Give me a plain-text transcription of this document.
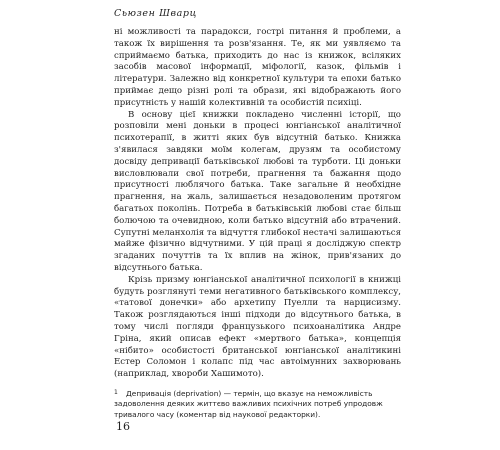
Сьюзен Шварц

ні можливості та парадокси, гострі питання й проблеми, а також їх вирішення та розв'язання. Те, як ми уявляємо та сприймаємо батька, приходить до нас із книжок, всіляких засобів масової інформації, міфології, казок, фільмів і літератури. Залежно від конкретної культури та епохи батько приймає дещо різні ролі та образи, які відображають його присутність у нашій колективній та особистій психіці.

В основу цієї книжки покладено численні історії, що розповіли мені доньки в процесі юнгіанської аналітичної психотерапії, в житті яких був відсутній батько. Книжка з'явилася завдяки моїм колегам, друзям та особистому досвіду депривації батьківської любові та турботи. Ці доньки висловлювали свої потреби, прагнення та бажання щодо присутності люблячого батька. Таке загальне й необхідне прагнення, на жаль, залишається незадоволеним протягом багатьох поколінь. Потреба в батьківській любові стає більш болючою та очевидною, коли батько відсутній або втрачений. Супутні меланхолія та відчуття глибокої нестачі залишаються майже фізично відчутними. У цій праці я досліджую спектр згаданих почуттів та їх вплив на жінок, прив'язаних до відсутнього батька.

Крізь призму юнгіанської аналітичної психології в книжці будуть розглянуті теми негативного батьківського комплексу, «татової донечки» або архетипу Пуелли та нарцисизму. Також розглядаються інші підходи до відсутнього батька, в тому числі погляди французького психоаналітика Андре Гріна, який описав ефект «мертвого батька», концепція «нібито» особистості британської юнгіанської аналітикині Естер Соломон і колапс під час автоімунних захворювань (наприклад, хвороби Хашимото).

1 Депривація (deprivation) — термін, що вказує на неможливість задоволення деяких життєво важливих психічних потреб упродовж тривалого часу (коментар від наукової редакторки).
16
